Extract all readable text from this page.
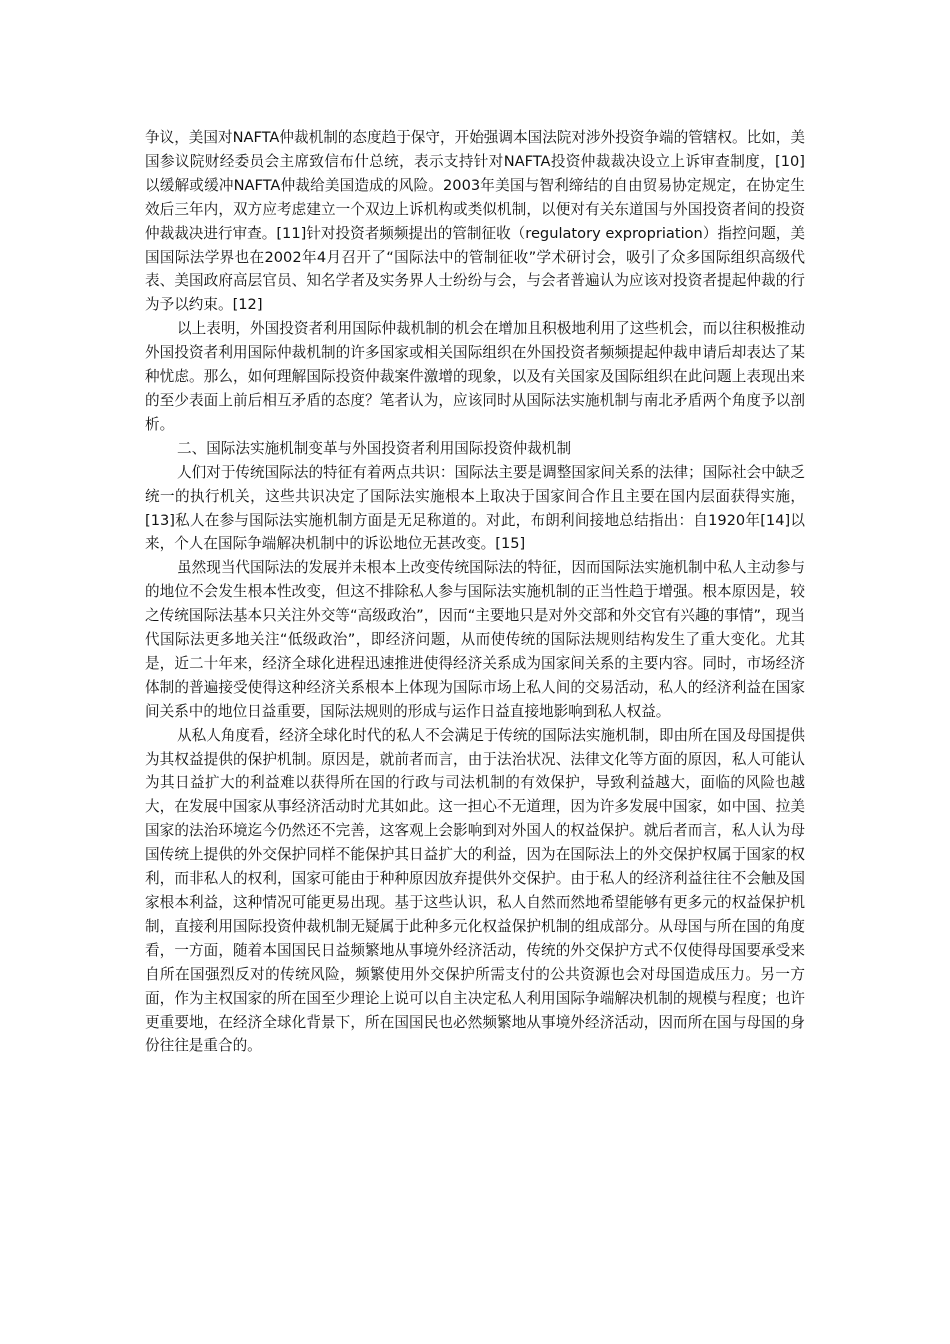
争议，美国对NAFTA仲裁机制的态度趋于保守，开始强调本国法院对涉外投资争端的管辖权。比如，美国参议院财经委员会主席致信布什总统，表示支持针对NAFTA投资仲裁裁决设立上诉审查制度，[10]以缓解或缓冲NAFTA仲裁给美国造成的风险。2003年美国与智利缔结的自由贸易协定规定，在协定生效后三年内，双方应考虑建立一个双边上诉机构或类似机制，以便对有关东道国与外国投资者间的投资仲裁裁决进行审查。[11]针对投资者频频提出的管制征收（regulatory expropriation）指控问题，美国国际法学界也在2002年4月召开了“国际法中的管制征收”学术研讨会，吸引了众多国际组织高级代表、美国政府高层官员、知名学者及实务界人士纷纷与会，与会者普遍认为应该对投资者提起仲裁的行为予以约束。[12]

以上表明，外国投资者利用国际仲裁机制的机会在增加且积极地利用了这些机会，而以往积极推动外国投资者利用国际仲裁机制的许多国家或相关国际组织在外国投资者频频提起仲裁申请后却表达了某种忧虑。那么，如何理解国际投资仲裁案件激增的现象，以及有关国家及国际组织在此问题上表现出来的至少表面上前后相互矛盾的态度？笔者认为，应该同时从国际法实施机制与南北矛盾两个角度予以剖析。

二、国际法实施机制变革与外国投资者利用国际投资仲裁机制

人们对于传统国际法的特征有着两点共识：国际法主要是调整国家间关系的法律；国际社会中缺乏统一的执行机关，这些共识决定了国际法实施根本上取决于国家间合作且主要在国内层面获得实施，[13]私人在参与国际法实施机制方面是无足称道的。对此，布朗利间接地总结指出：自1920年[14]以来，个人在国际争端解决机制中的诉讼地位无甚改变。[15]

虽然现当代国际法的发展并未根本上改变传统国际法的特征，因而国际法实施机制中私人主动参与的地位不会发生根本性改变，但这不排除私人参与国际法实施机制的正当性趋于增强。根本原因是，较之传统国际法基本只关注外交等“高级政治”，因而“主要地只是对外交部和外交官有兴趣的事情”，现当代国际法更多地关注“低级政治”，即经济问题，从而使传统的国际法规则结构发生了重大变化。尤其是，近二十年来，经济全球化进程迅速推进使得经济关系成为国家间关系的主要内容。同时，市场经济体制的普遍接受使得这种经济关系根本上体现为国际市场上私人间的交易活动，私人的经济利益在国家间关系中的地位日益重要，国际法规则的形成与运作日益直接地影响到私人权益。

从私人角度看，经济全球化时代的私人不会满足于传统的国际法实施机制，即由所在国及母国提供为其权益提供的保护机制。原因是，就前者而言，由于法治状况、法律文化等方面的原因，私人可能认为其日益扩大的利益难以获得所在国的行政与司法机制的有效保护，导致利益越大，面临的风险也越大，在发展中国家从事经济活动时尤其如此。这一担心不无道理，因为许多发展中国家，如中国、拉美国家的法治环境迄今仍然还不完善，这客观上会影响到对外国人的权益保护。就后者而言，私人认为母国传统上提供的外交保护同样不能保护其日益扩大的利益，因为在国际法上的外交保护权属于国家的权利，而非私人的权利，国家可能由于种种原因放弃提供外交保护。由于私人的经济利益往往不会触及国家根本利益，这种情况可能更易出现。基于这些认识，私人自然而然地希望能够有更多元的权益保护机制，直接利用国际投资仲裁机制无疑属于此种多元化权益保护机制的组成部分。从母国与所在国的角度看，一方面，随着本国国民日益频繁地从事境外经济活动，传统的外交保护方式不仅使得母国要承受来自所在国强烈反对的传统风险，频繁使用外交保护所需支付的公共资源也会对母国造成压力。另一方面，作为主权国家的所在国至少理论上说可以自主决定私人利用国际争端解决机制的规模与程度；也许更重要地，在经济全球化背景下，所在国国民也必然频繁地从事境外经济活动，因而所在国与母国的身份往往是重合的。
